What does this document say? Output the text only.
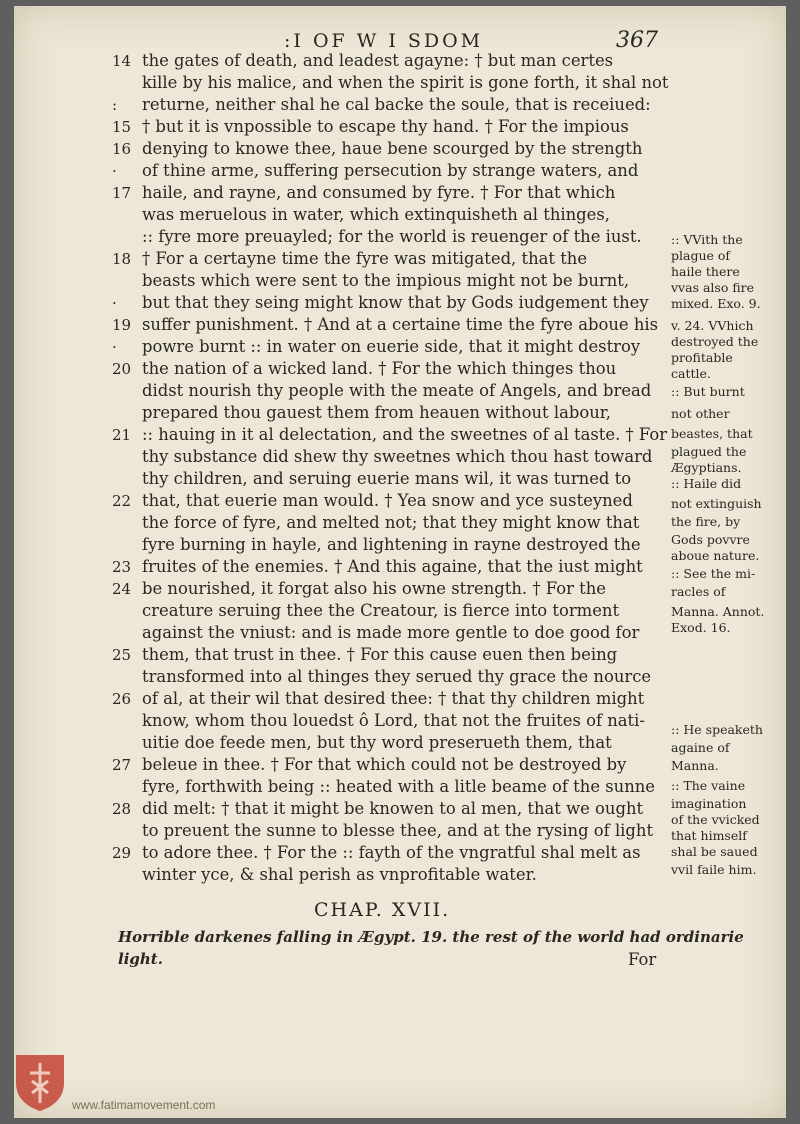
:I OF W I SDOM	367
14 the gates of death, and leadest agayne: † but man certes
kille by his malice, and when the spirit is gone forth, it shal not
:	returne, neither shal he cal backe the soule, that is receiued:
15 † but it is vnpossible to escape thy hand. † For the impious
16 denying to knowe thee, haue bene scourged by the strength
·	of thine arme, suffering persecution by strange waters, and
17 haile, and rayne, and consumed by fyre. † For that which
was meruelous in water, which extinquisheth al thinges,
:: fyre more preuayled; for the world is reuenger of the iust.
18 † For a certayne time the fyre was mitigated, that the
beasts which were sent to the impious might not be burnt,
·	but that they seing might know that by Gods iudgement they
19 suffer punishment. † And at a certaine time the fyre aboue his
·	powre burnt :: in water on euerie side, that it might destroy
20 the nation of a wicked land. † For the which thinges thou
didst nourish thy people with the meate of Angels, and bread
prepared thou gauest them from heauen without labour,
21 :: hauing in it al delectation, and the sweetnes of al taste. † For
thy substance did shew thy sweetnes which thou hast toward
thy children, and seruing euerie mans wil, it was turned to
22 that, that euerie man would. † Yea snow and yce susteyned
the force of fyre, and melted not; that they might know that
fyre burning in hayle, and lightening in rayne destroyed the
23 fruites of the enemies. † And this againe, that the iust might
24 be nourished, it forgat also his owne strength. † For the
creature seruing thee the Creatour, is fierce into torment
against the vniust: and is made more gentle to doe good for
25 them, that trust in thee. † For this cause euen then being
transformed into al thinges they serued thy grace the nource
26 of al, at their wil that desired thee: † that thy children might
know, whom thou louedst ô Lord, that not the fruites of nati-
uitie doe feede men, but thy word preserueth them, that
27 beleue in thee. † For that which could not be destroyed by
fyre, forthwith being :: heated with a litle beame of the sunne
28 did melt: † that it might be knowen to al men, that we ought
to preuent the sunne to blesse thee, and at the rysing of light
29 to adore thee. † For the :: fayth of the vngratful shal melt as
winter yce, & shal perish as vnprofitable water.
:: VVith the
plague of
haile there
vvas also fire
mixed. Exo. 9.
v. 24. VVhich
destroyed the
profitable
cattle.
:: But burnt
not other
beastes, that
plagued the
Ægyptians.
:: Haile did
not extinguish
the fire, by
Gods povvre
aboue nature.
:: See the mi-
racles of
Manna. Annot.
Exod. 16.
:: He speaketh
againe of
Manna.
:: The vaine
imagination
of the vvicked
that himself
shal be saued
vvil faile him.
CHAP. XVII.
Horrible darkenes falling in Ægypt. 19. the rest of the world had ordinarie
light.	For
www.fatimamovement.com
